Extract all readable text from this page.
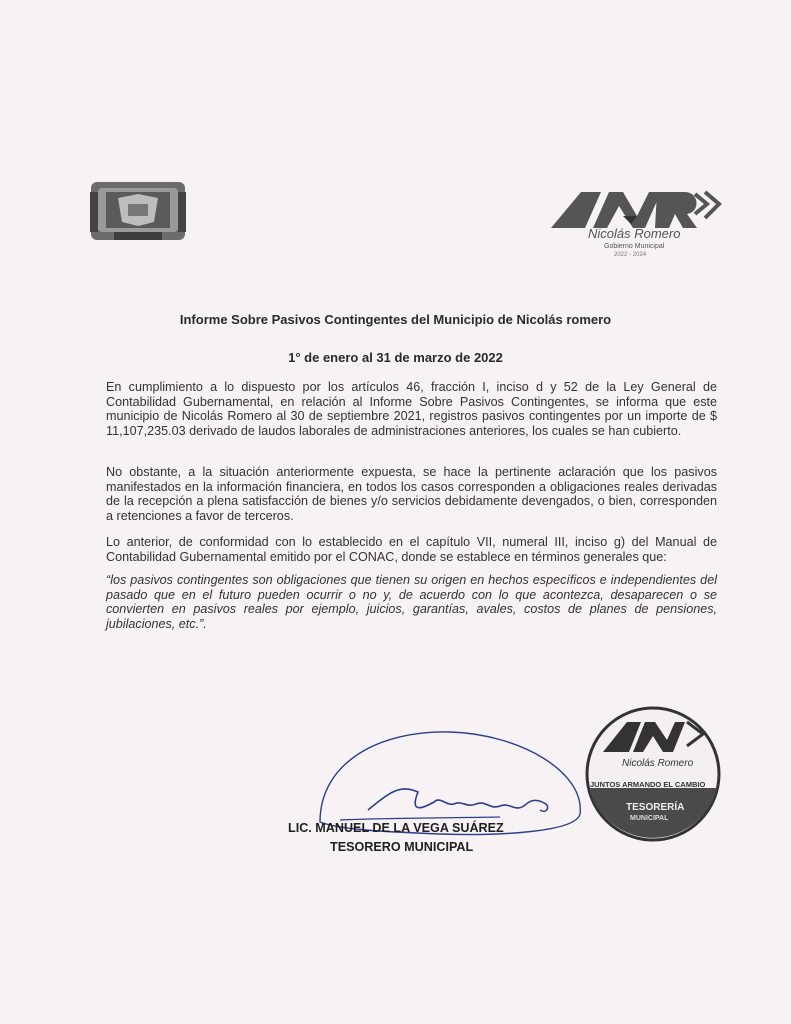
Nicolás Romero
Gobierno Municipal
2022 - 2024
Informe Sobre Pasivos Contingentes del Municipio de Nicolás romero
1° de enero al 31 de marzo de 2022
En cumplimiento a lo dispuesto por los artículos 46, fracción I, inciso d y 52 de la Ley General de Contabilidad Gubernamental, en relación al Informe Sobre Pasivos Contingentes, se informa que este municipio de Nicolás Romero al 30 de septiembre 2021, registros pasivos contingentes por un importe de $ 11,107,235.03 derivado de laudos laborales de administraciones anteriores, los cuales se han cubierto.
No obstante, a la situación anteriormente expuesta, se hace la pertinente aclaración que los pasivos manifestados en la información financiera, en todos los casos corresponden a obligaciones reales derivadas de la recepción a plena satisfacción de bienes y/o servicios debidamente devengados, o bien, corresponden a retenciones a favor de terceros.
Lo anterior, de conformidad con lo establecido en el capítulo VII, numeral III, inciso g) del Manual de Contabilidad Gubernamental emitido por el CONAC, donde se establece en términos generales que:
“los pasivos contingentes son obligaciones que tienen su origen en hechos específicos e independientes del pasado que en el futuro pueden ocurrir o no y, de acuerdo con lo que acontezca, desaparecen o se convierten en pasivos reales por ejemplo, juicios, garantías, avales, costos de planes de pensiones, jubilaciones, etc.”.
Nicolás Romero
JUNTOS ARMANDO EL CAMBIO
TESORERÍA
MUNICIPAL
LIC. MANUEL DE LA VEGA SUÁREZ
TESORERO MUNICIPAL
